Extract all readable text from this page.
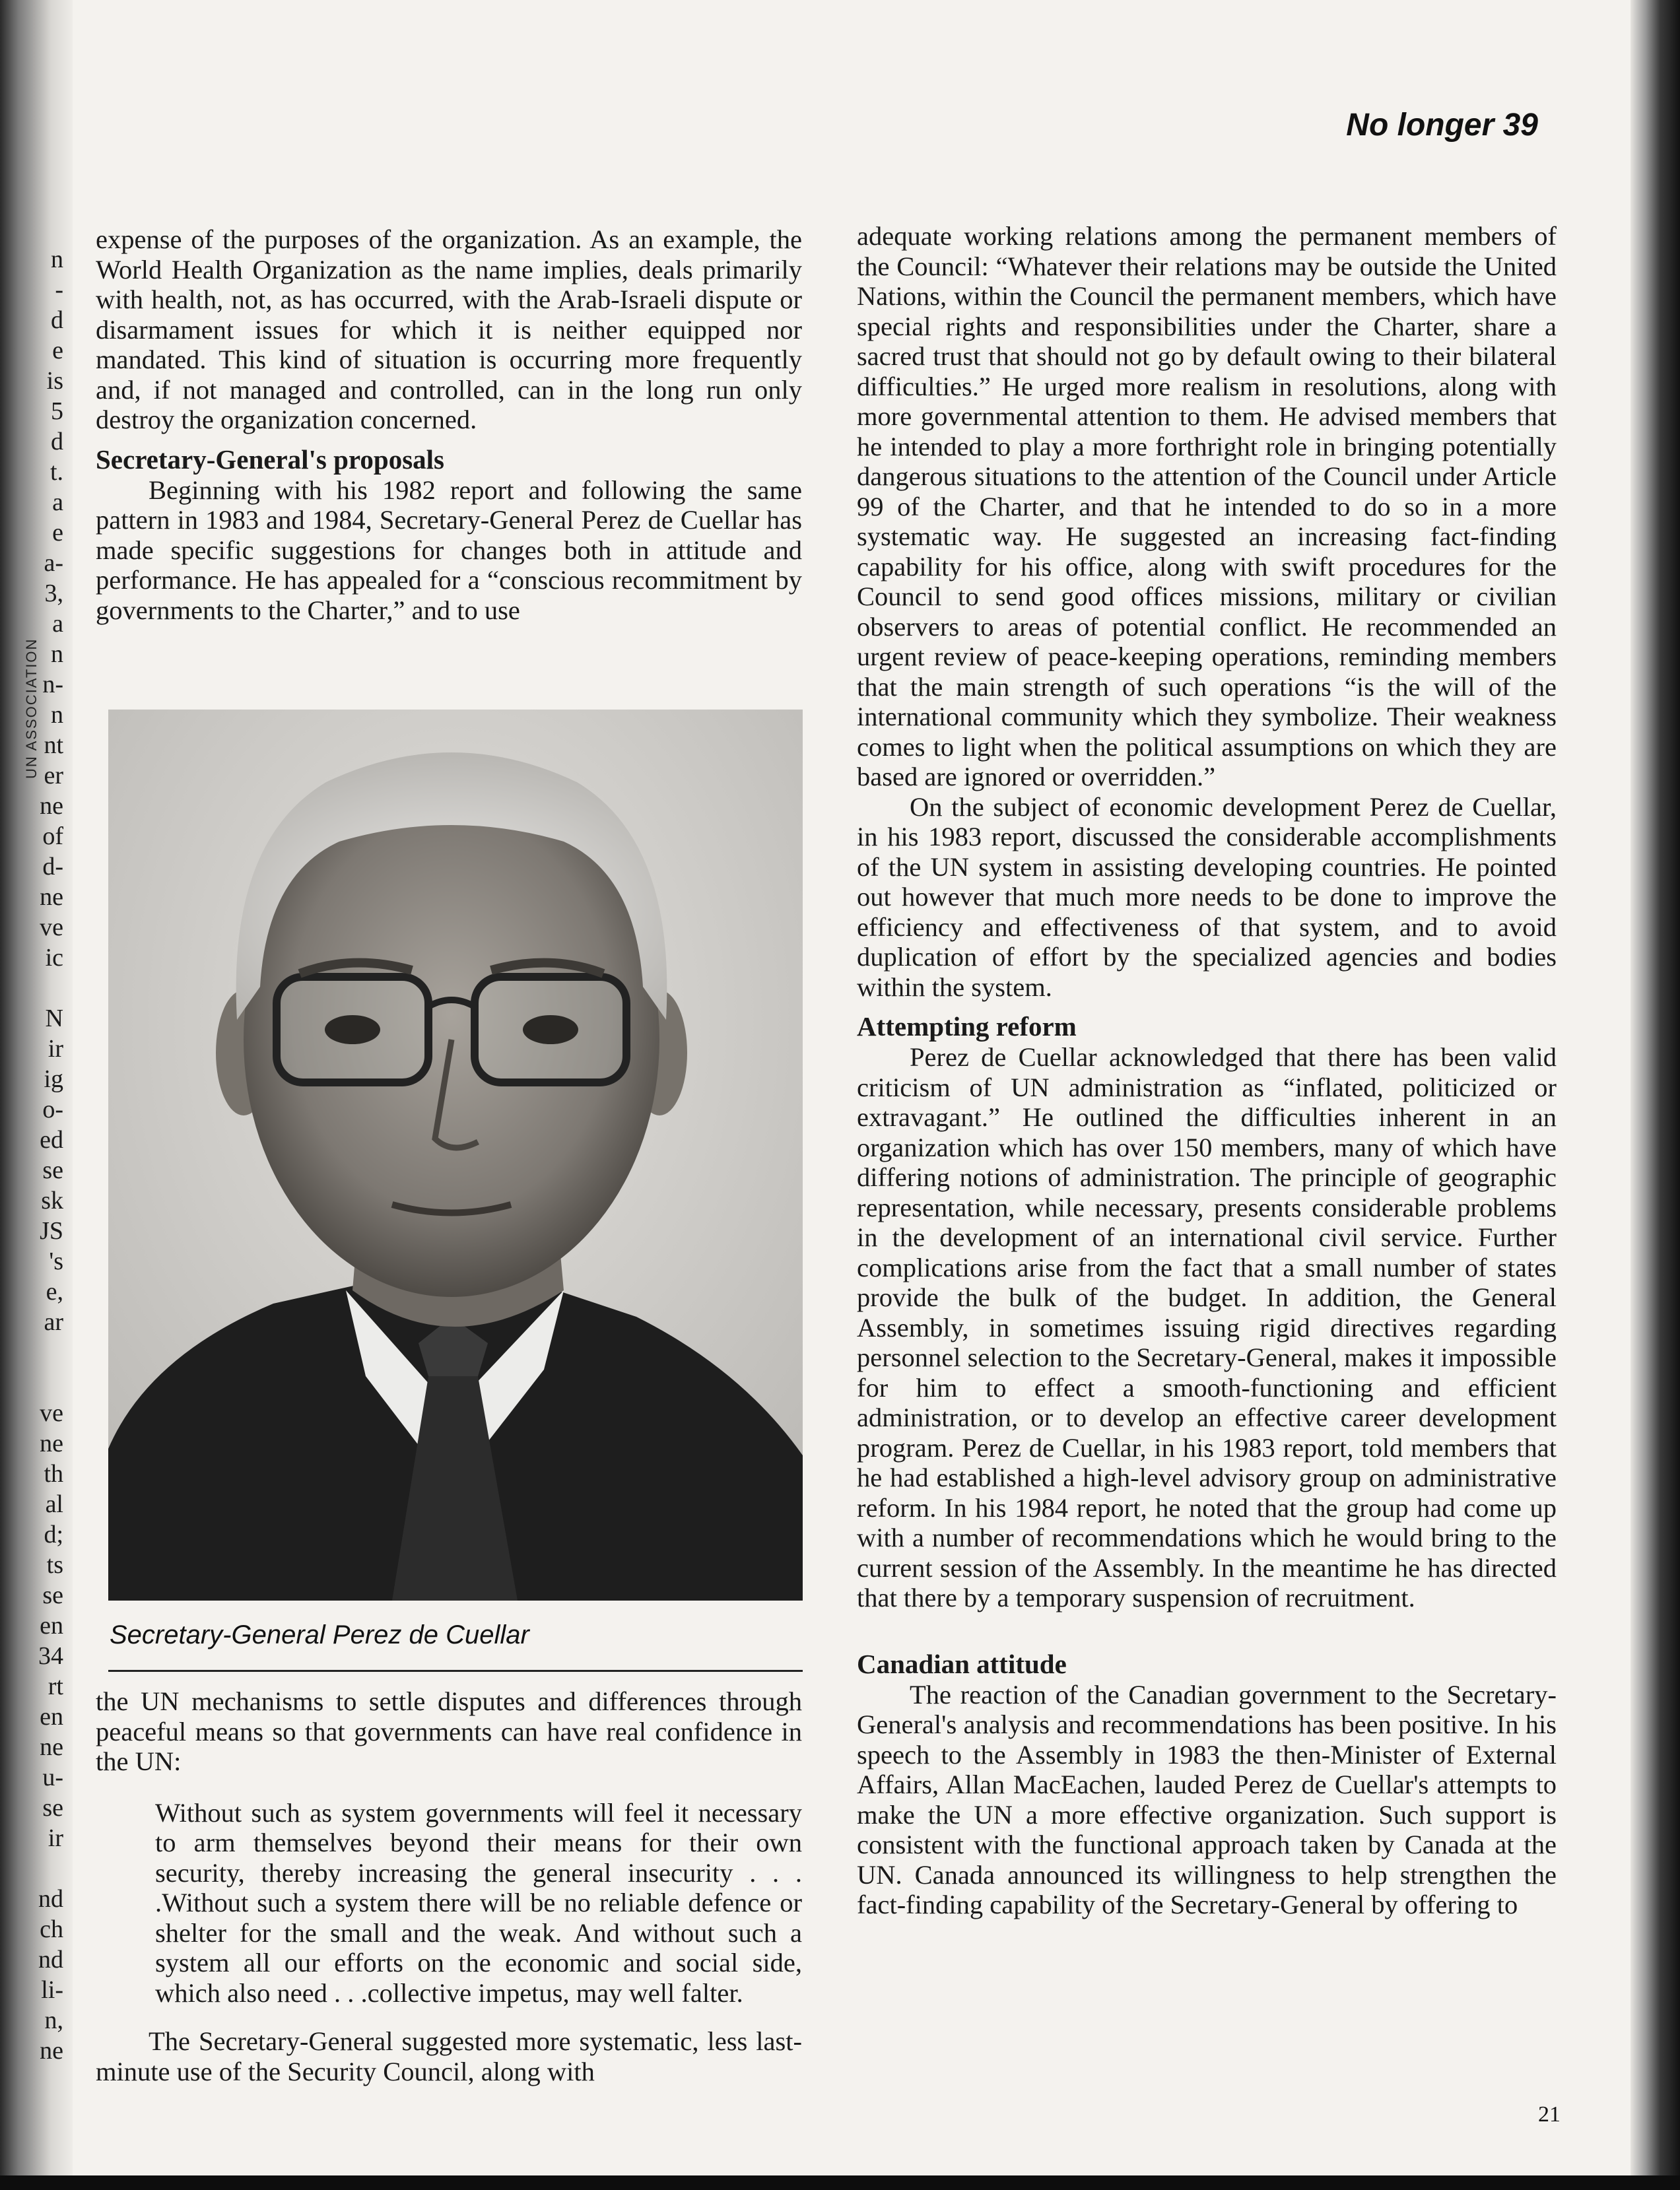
n
-
d
e
is
5
d
t.
a
e
a-
3,
a
n
n-
n
nt
er
ne
of
d-
ne
ve
ic
N
ir
ig
o-
ed
se
sk
JS
's
e,
ar
ve
ne
th
al
d;
ts
se
en
34
rt
en
ne
u-
se
ir
nd
ch
nd
li-
n,
ne
No longer 39

expense of the purposes of the organization. As an example, the World Health Organization as the name implies, deals primarily with health, not, as has occurred, with the Arab-Israeli dispute or disarmament issues for which it is neither equipped nor mandated. This kind of situation is occurring more frequently and, if not managed and controlled, can in the long run only destroy the organization concerned.

Secretary-General's proposals

Beginning with his 1982 report and following the same pattern in 1983 and 1984, Secretary-General Perez de Cuellar has made specific suggestions for changes both in attitude and performance. He has appealed for a “conscious recommitment by governments to the Charter,” and to use

Secretary-General Perez de Cuellar

the UN mechanisms to settle disputes and differences through peaceful means so that governments can have real confidence in the UN:

Without such as system governments will feel it necessary to arm themselves beyond their means for their own security, thereby increasing the general insecurity . . . .Without such a system there will be no reliable defence or shelter for the small and the weak. And without such a system all our efforts on the economic and social side, which also need . . .collective impetus, may well falter.

The Secretary-General suggested more systematic, less last-minute use of the Security Council, along with

adequate working relations among the permanent members of the Council: “Whatever their relations may be outside the United Nations, within the Council the permanent members, which have special rights and responsibilities under the Charter, share a sacred trust that should not go by default owing to their bilateral difficulties.” He urged more realism in resolutions, along with more governmental attention to them. He advised members that he intended to play a more forthright role in bringing potentially dangerous situations to the attention of the Council under Article 99 of the Charter, and that he intended to do so in a more systematic way. He suggested an increasing fact-finding capability for his office, along with swift procedures for the Council to send good offices missions, military or civilian observers to areas of potential conflict. He recommended an urgent review of peace-keeping operations, reminding members that the main strength of such operations “is the will of the international community which they symbolize. Their weakness comes to light when the political assumptions on which they are based are ignored or overridden.”

On the subject of economic development Perez de Cuellar, in his 1983 report, discussed the considerable accomplishments of the UN system in assisting developing countries. He pointed out however that much more needs to be done to improve the efficiency and effectiveness of that system, and to avoid duplication of effort by the specialized agencies and bodies within the system.

Attempting reform

Perez de Cuellar acknowledged that there has been valid criticism of UN administration as “inflated, politicized or extravagant.” He outlined the difficulties inherent in an organization which has over 150 members, many of which have differing notions of administration. The principle of geographic representation, while necessary, presents considerable problems in the development of an international civil service. Further complications arise from the fact that a small number of states provide the bulk of the budget. In addition, the General Assembly, in sometimes issuing rigid directives regarding personnel selection to the Secretary-General, makes it impossible for him to effect a smooth-functioning and efficient administration, or to develop an effective career development program. Perez de Cuellar, in his 1983 report, told members that he had established a high-level advisory group on administrative reform. In his 1984 report, he noted that the group had come up with a number of recommendations which he would bring to the current session of the Assembly. In the meantime he has directed that there by a temporary suspension of recruitment.

Canadian attitude

The reaction of the Canadian government to the Secretary-General's analysis and recommendations has been positive. In his speech to the Assembly in 1983 the then-Minister of External Affairs, Allan MacEachen, lauded Perez de Cuellar's attempts to make the UN a more effective organization. Such support is consistent with the functional approach taken by Canada at the UN. Canada announced its willingness to help strengthen the fact-finding capability of the Secretary-General by offering to

21
